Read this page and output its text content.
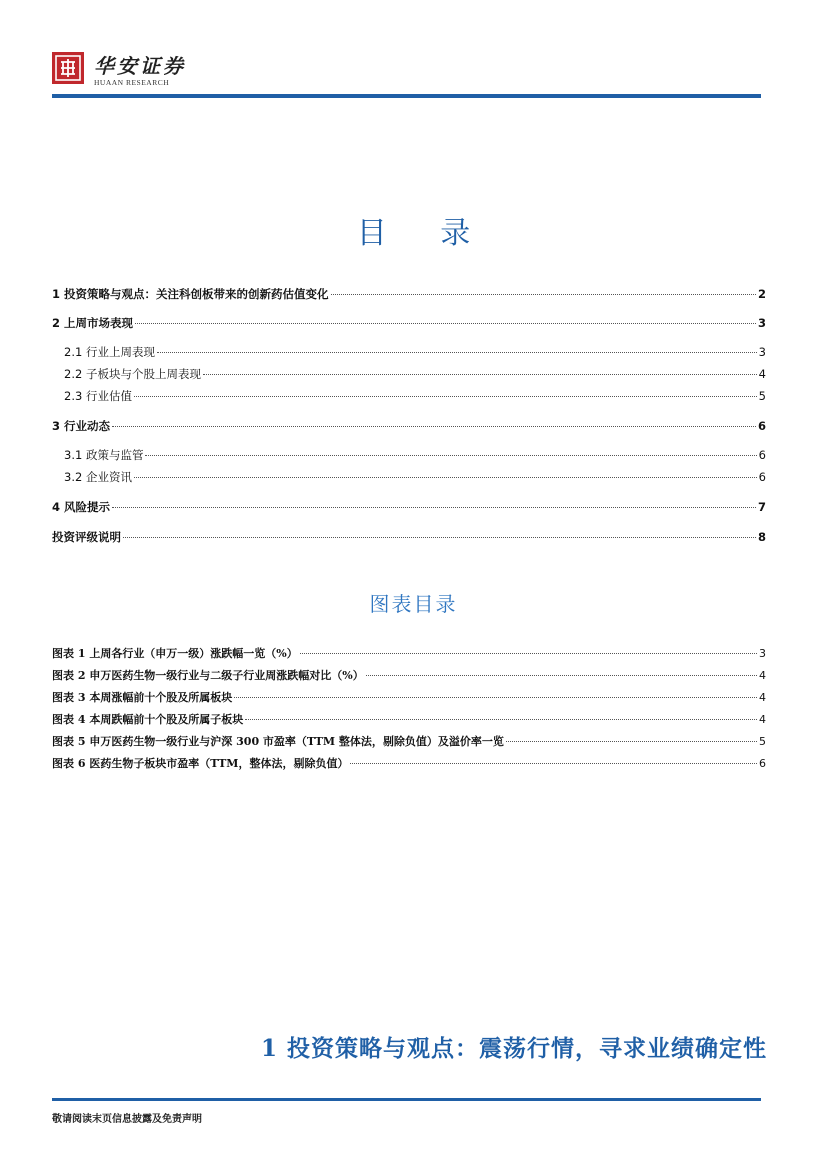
华安证券
HUAAN RESEARCH
目 录
1 投资策略与观点：关注科创板带来的创新药估值变化	2
2 上周市场表现	3
2.1 行业上周表现	3
2.2 子板块与个股上周表现	4
2.3 行业估值	5
3 行业动态	6
3.1 政策与监管	6
3.2 企业资讯	6
4 风险提示	7
投资评级说明	8
图表目录
图表 1 上周各行业（申万一级）涨跌幅一览（%）	3
图表 2 申万医药生物一级行业与二级子行业周涨跌幅对比（%）	4
图表 3 本周涨幅前十个股及所属板块	4
图表 4 本周跌幅前十个股及所属子板块	4
图表 5 申万医药生物一级行业与沪深 300 市盈率（TTM 整体法，剔除负值）及溢价率一览	5
图表 6 医药生物子板块市盈率（TTM，整体法，剔除负值）	6
1 投资策略与观点：震荡行情，寻求业绩确定性
敬请阅读末页信息披露及免责声明
